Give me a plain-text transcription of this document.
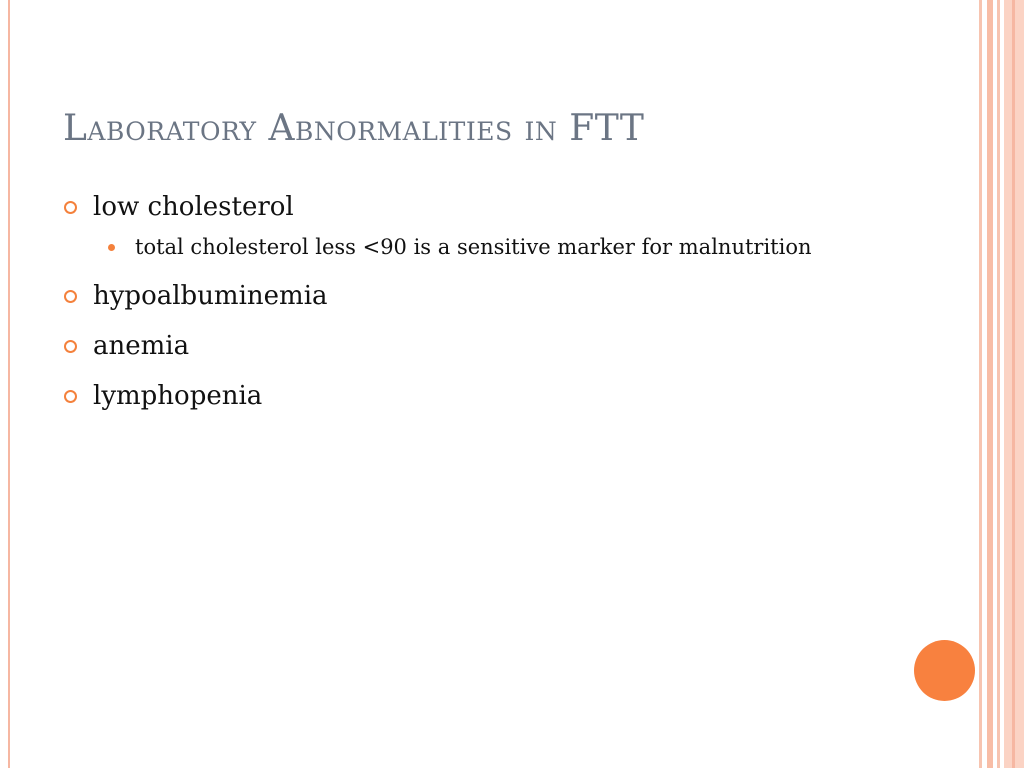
Laboratory Abnormalities in FTT
low cholesterol
total cholesterol less <90 is a sensitive marker for malnutrition
hypoalbuminemia
anemia
lymphopenia
